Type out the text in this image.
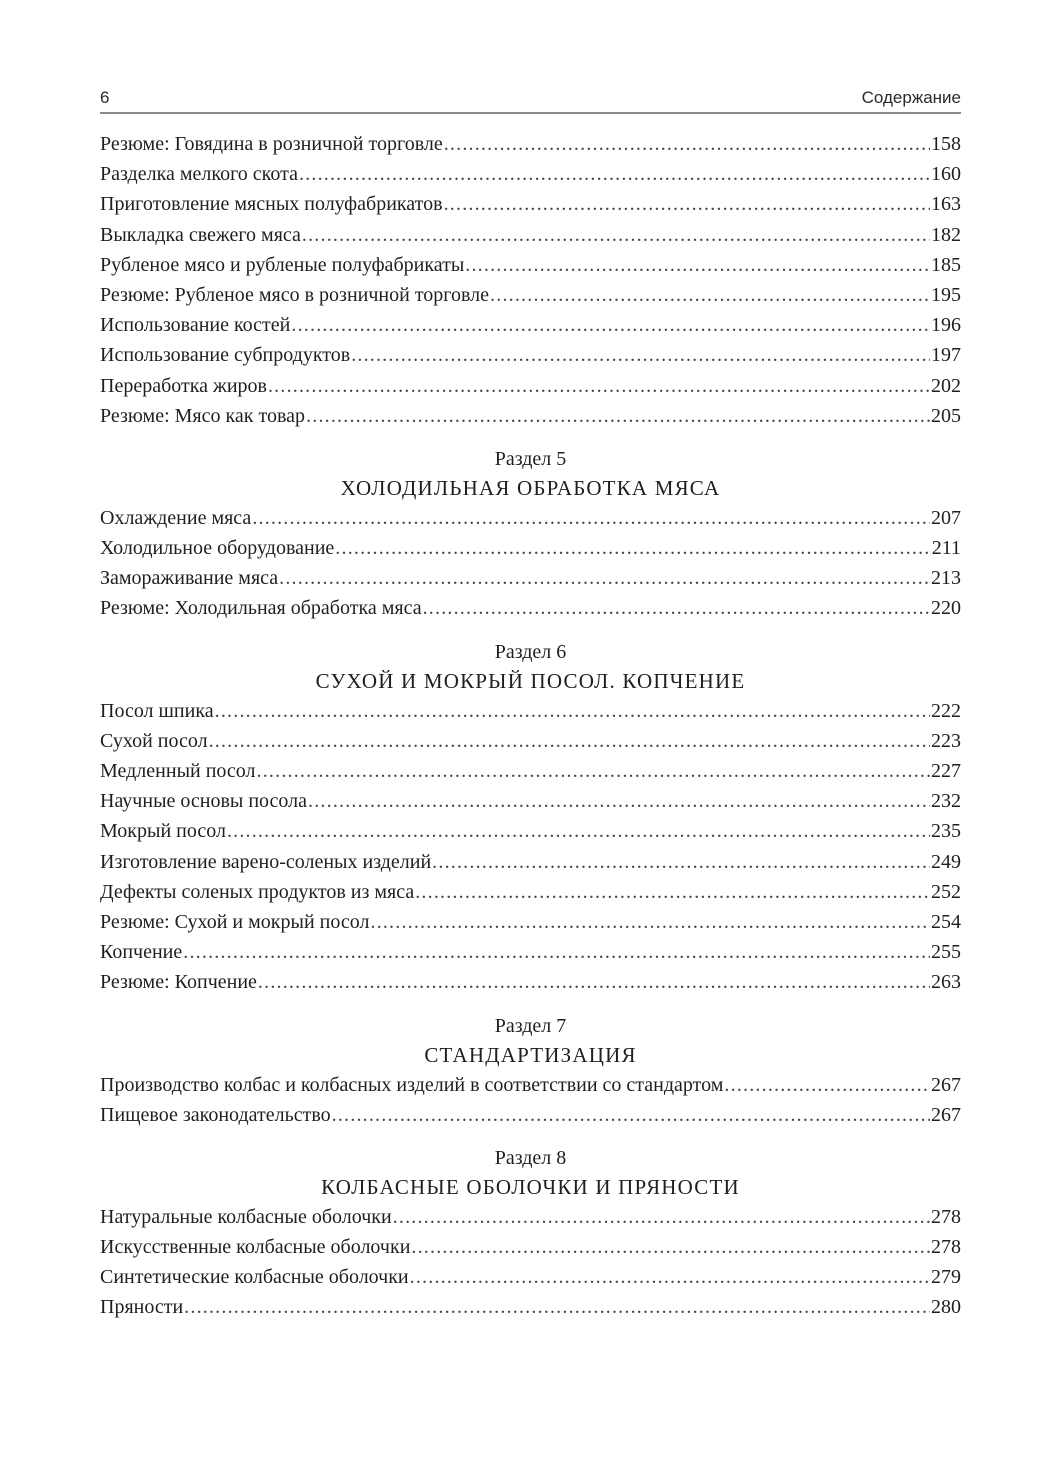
6	Содержание
Резюме: Говядина в розничной торговле .....	158
Разделка мелкого скота .....	160
Приготовление мясных полуфабрикатов .....	163
Выкладка свежего мяса .....	182
Рубленое мясо и рубленые полуфабрикаты .....	185
Резюме: Рубленое мясо в розничной торговле .....	195
Использование костей .....	196
Использование субпродуктов .....	197
Переработка жиров .....	202
Резюме: Мясо как товар .....	205
Раздел 5
ХОЛОДИЛЬНАЯ ОБРАБОТКА МЯСА
Охлаждение мяса .....	207
Холодильное оборудование .....	211
Замораживание мяса .....	213
Резюме: Холодильная обработка мяса .....	220
Раздел 6
СУХОЙ И МОКРЫЙ ПОСОЛ. КОПЧЕНИЕ
Посол шпика .....	222
Сухой посол .....	223
Медленный посол .....	227
Научные основы посола .....	232
Мокрый посол .....	235
Изготовление варено-соленых изделий .....	249
Дефекты соленых продуктов из мяса .....	252
Резюме: Сухой и мокрый посол .....	254
Копчение .....	255
Резюме: Копчение .....	263
Раздел 7
СТАНДАРТИЗАЦИЯ
Производство колбас и колбасных изделий в соответствии со стандартом .....	267
Пищевое законодательство .....	267
Раздел 8
КОЛБАСНЫЕ ОБОЛОЧКИ И ПРЯНОСТИ
Натуральные колбасные оболочки .....	278
Искусственные колбасные оболочки .....	278
Синтетические колбасные оболочки .....	279
Пряности .....	280
